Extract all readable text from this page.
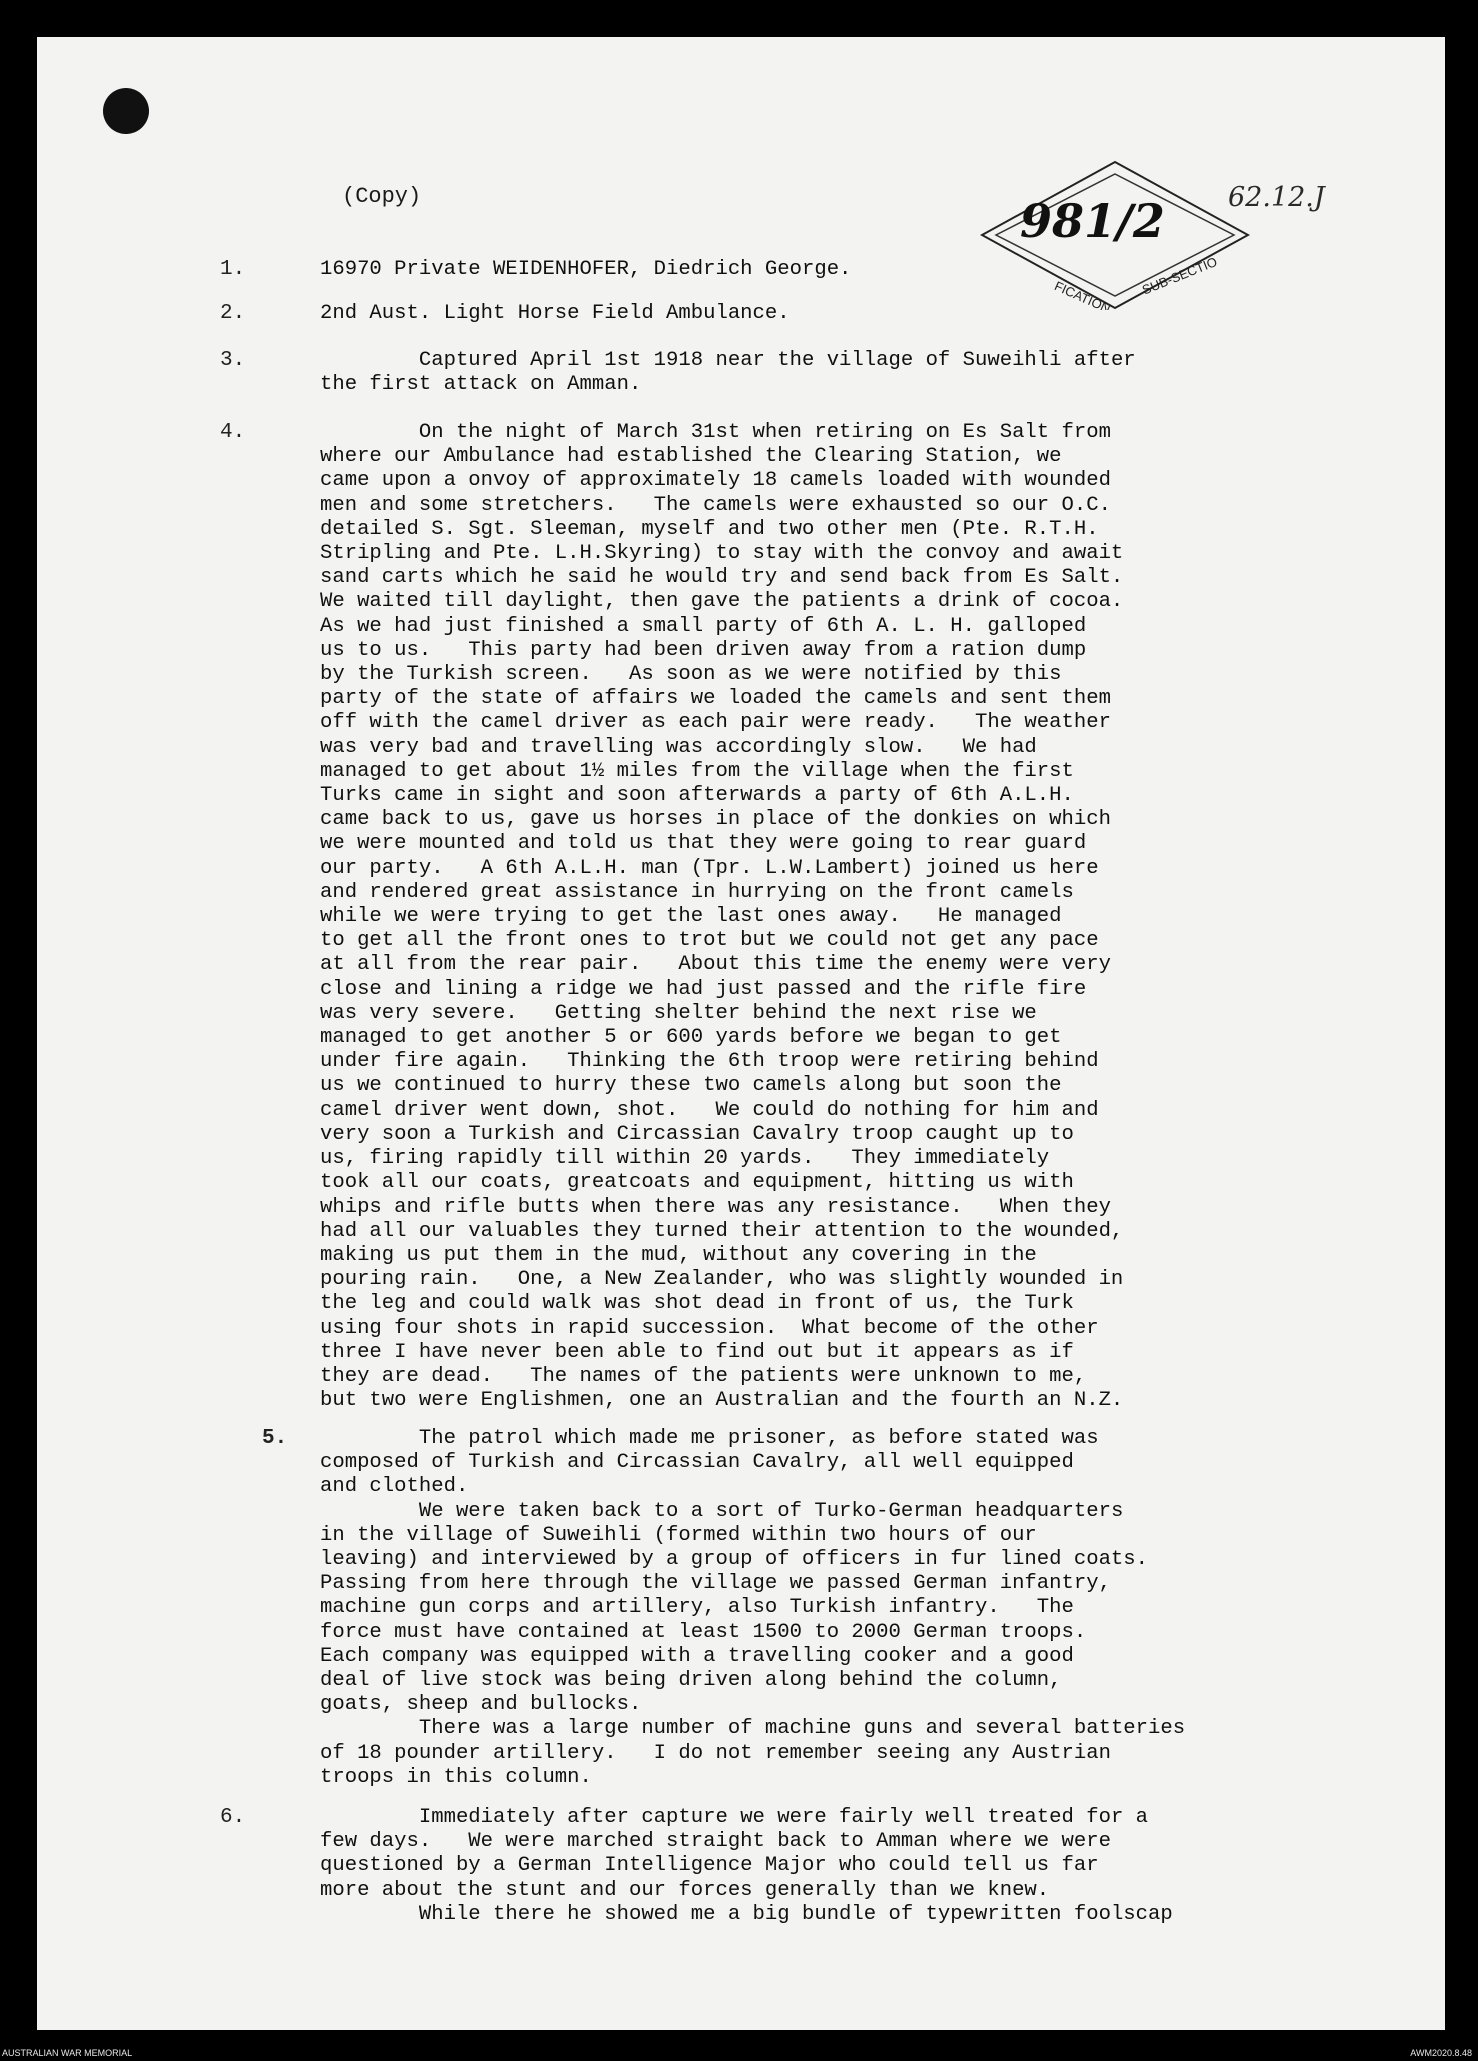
(Copy)	62.12.J
FICATION SUB-SECTIO
981/2
1.	16970 Private WEIDENHOFER, Diedrich George.
2.	2nd Aust. Light Horse Field Ambulance.
3.	Captured April 1st 1918 near the village of Suweihli after
the first attack on Amman.
4.	On the night of March 31st when retiring on Es Salt from
where our Ambulance had established the Clearing Station, we
came upon a onvoy of approximately 18 camels loaded with wounded
men and some stretchers.   The camels were exhausted so our O.C.
detailed S. Sgt. Sleeman, myself and two other men (Pte. R.T.H.
Stripling and Pte. L.H.Skyring) to stay with the convoy and await
sand carts which he said he would try and send back from Es Salt.
We waited till daylight, then gave the patients a drink of cocoa.
As we had just finished a small party of 6th A. L. H. galloped
us to us.   This party had been driven away from a ration dump
by the Turkish screen.   As soon as we were notified by this
party of the state of affairs we loaded the camels and sent them
off with the camel driver as each pair were ready.   The weather
was very bad and travelling was accordingly slow.   We had
managed to get about 1½ miles from the village when the first
Turks came in sight and soon afterwards a party of 6th A.L.H.
came back to us, gave us horses in place of the donkies on which
we were mounted and told us that they were going to rear guard
our party.   A 6th A.L.H. man (Tpr. L.W.Lambert) joined us here
and rendered great assistance in hurrying on the front camels
while we were trying to get the last ones away.   He managed
to get all the front ones to trot but we could not get any pace
at all from the rear pair.   About this time the enemy were very
close and lining a ridge we had just passed and the rifle fire
was very severe.   Getting shelter behind the next rise we
managed to get another 5 or 600 yards before we began to get
under fire again.   Thinking the 6th troop were retiring behind
us we continued to hurry these two camels along but soon the
camel driver went down, shot.   We could do nothing for him and
very soon a Turkish and Circassian Cavalry troop caught up to
us, firing rapidly till within 20 yards.   They immediately
took all our coats, greatcoats and equipment, hitting us with
whips and rifle butts when there was any resistance.   When they
had all our valuables they turned their attention to the wounded,
making us put them in the mud, without any covering in the
pouring rain.   One, a New Zealander, who was slightly wounded in
the leg and could walk was shot dead in front of us, the Turk
using four shots in rapid succession.  What become of the other
three I have never been able to find out but it appears as if
they are dead.   The names of the patients were unknown to me,
but two were Englishmen, one an Australian and the fourth an N.Z.
5.	The patrol which made me prisoner, as before stated was
composed of Turkish and Circassian Cavalry, all well equipped
and clothed.
We were taken back to a sort of Turko-German headquarters
in the village of Suweihli (formed within two hours of our
leaving) and interviewed by a group of officers in fur lined coats.
Passing from here through the village we passed German infantry,
machine gun corps and artillery, also Turkish infantry.   The
force must have contained at least 1500 to 2000 German troops.
Each company was equipped with a travelling cooker and a good
deal of live stock was being driven along behind the column,
goats, sheep and bullocks.
There was a large number of machine guns and several batteries
of 18 pounder artillery.   I do not remember seeing any Austrian
troops in this column.
6.	Immediately after capture we were fairly well treated for a
few days.   We were marched straight back to Amman where we were
questioned by a German Intelligence Major who could tell us far
more about the stunt and our forces generally than we knew.
While there he showed me a big bundle of typewritten foolscap
AUSTRALIAN WAR MEMORIAL	AWM2020.8.48
